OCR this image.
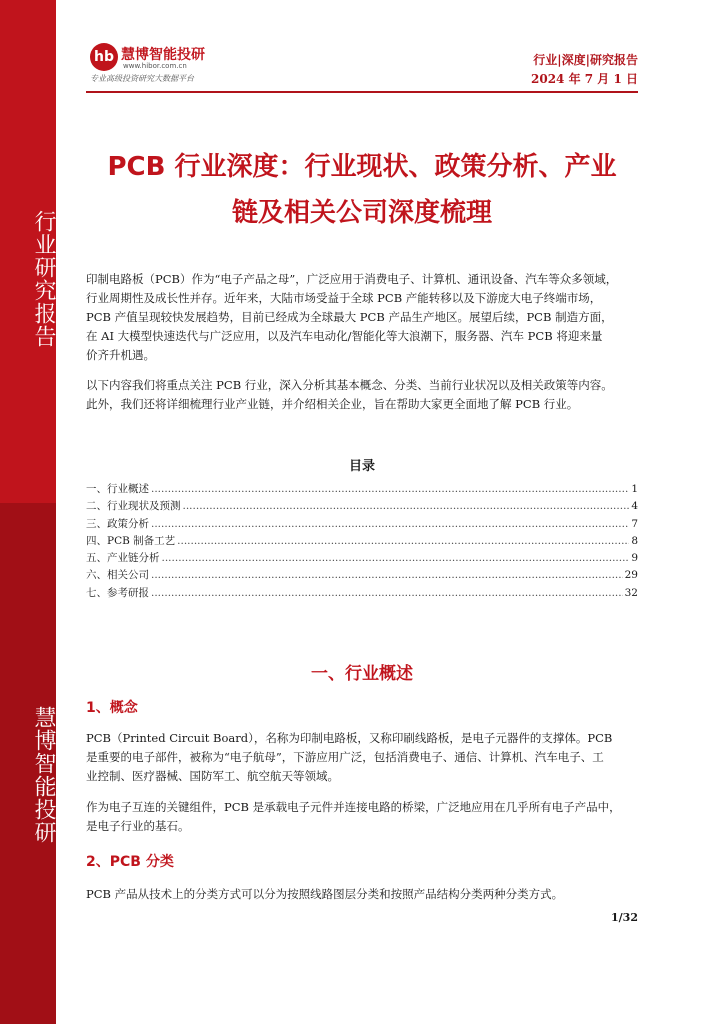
行业研究报告
慧博智能投研
hb 慧博智能投研
www.hibor.com.cn
专业高级投资研究大数据平台
行业|深度|研究报告
2024 年 7 月 1 日
PCB 行业深度：行业现状、政策分析、产业
链及相关公司深度梳理
印制电路板（PCB）作为“电子产品之母”，广泛应用于消费电子、计算机、通讯设备、汽车等众多领域，
行业周期性及成长性并存。近年来，大陆市场受益于全球 PCB 产能转移以及下游庞大电子终端市场，
PCB 产值呈现较快发展趋势，目前已经成为全球最大 PCB 产品生产地区。展望后续，PCB 制造方面，
在 AI 大模型快速迭代与广泛应用，以及汽车电动化/智能化等大浪潮下，服务器、汽车 PCB 将迎来量
价齐升机遇。
以下内容我们将重点关注 PCB 行业，深入分析其基本概念、分类、当前行业状况以及相关政策等内容。
此外，我们还将详细梳理行业产业链，并介绍相关企业，旨在帮助大家更全面地了解 PCB 行业。
目录
一、行业概述 .....	1
二、行业现状及预测 .....	4
三、政策分析 .....	7
四、PCB 制备工艺 .....	8
五、产业链分析 .....	9
六、相关公司 .....	29
七、参考研报 .....	32
一、行业概述
1、概念
PCB（Printed Circuit Board），名称为印制电路板，又称印刷线路板，是电子元器件的支撑体。PCB
是重要的电子部件，被称为“电子航母”，下游应用广泛，包括消费电子、通信、计算机、汽车电子、工
业控制、医疗器械、国防军工、航空航天等领域。
作为电子互连的关键组件，PCB 是承载电子元件并连接电路的桥梁，广泛地应用在几乎所有电子产品中，
是电子行业的基石。
2、PCB 分类
PCB 产品从技术上的分类方式可以分为按照线路图层分类和按照产品结构分类两种分类方式。
1/32
